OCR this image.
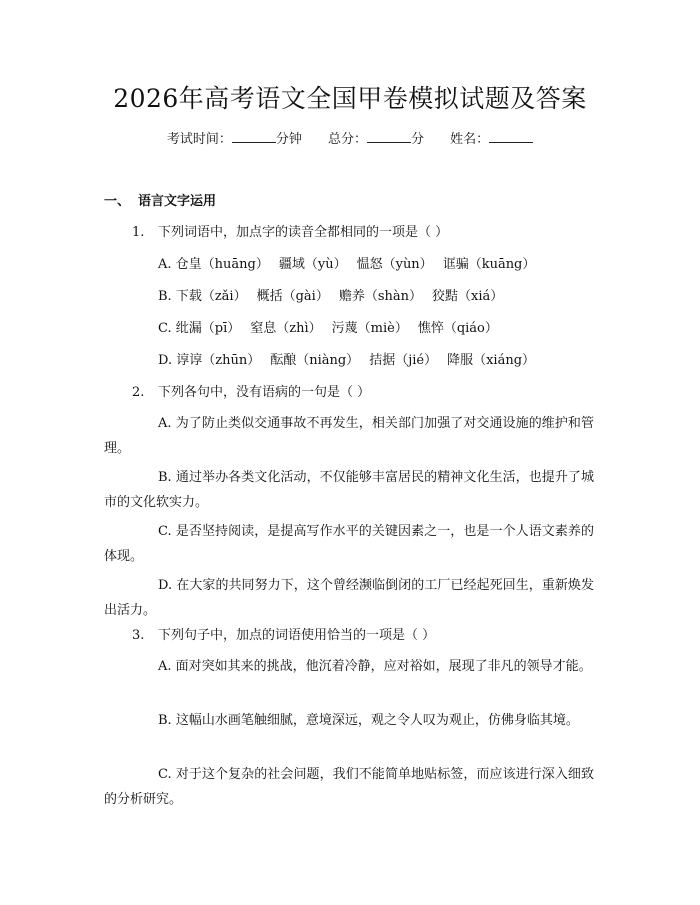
2026年高考语文全国甲卷模拟试题及答案
考试时间：	分钟 总分：	分 姓名：
一、 语言文字运用
1. 下列词语中，加点字的读音全都相同的一项是（ ）
A. 仓皇（huāng） 疆域（yù） 愠怒（yùn） 诓骗（kuāng）
B. 下载（zǎi） 概括（gài） 赡养（shàn） 狡黠（xiá）
C. 纰漏（pī） 窒息（zhì） 污蔑（miè） 憔悴（qiáo）
D. 谆谆（zhūn） 酝酿（niàng） 拮据（jié） 降服（xiáng）
2. 下列各句中，没有语病的一句是（ ）
A. 为了防止类似交通事故不再发生，相关部门加强了对交通设施的维护和管理。
B. 通过举办各类文化活动，不仅能够丰富居民的精神文化生活，也提升了城市的文化软实力。
C. 是否坚持阅读，是提高写作水平的关键因素之一，也是一个人语文素养的体现。
D. 在大家的共同努力下，这个曾经濒临倒闭的工厂已经起死回生，重新焕发出活力。
3. 下列句子中，加点的词语使用恰当的一项是（ ）
A. 面对突如其来的挑战，他沉着冷静，应对裕如，展现了非凡的领导才能。
B. 这幅山水画笔触细腻，意境深远，观之令人叹为观止，仿佛身临其境。
C. 对于这个复杂的社会问题，我们不能简单地贴标签，而应该进行深入细致的分析研究。
